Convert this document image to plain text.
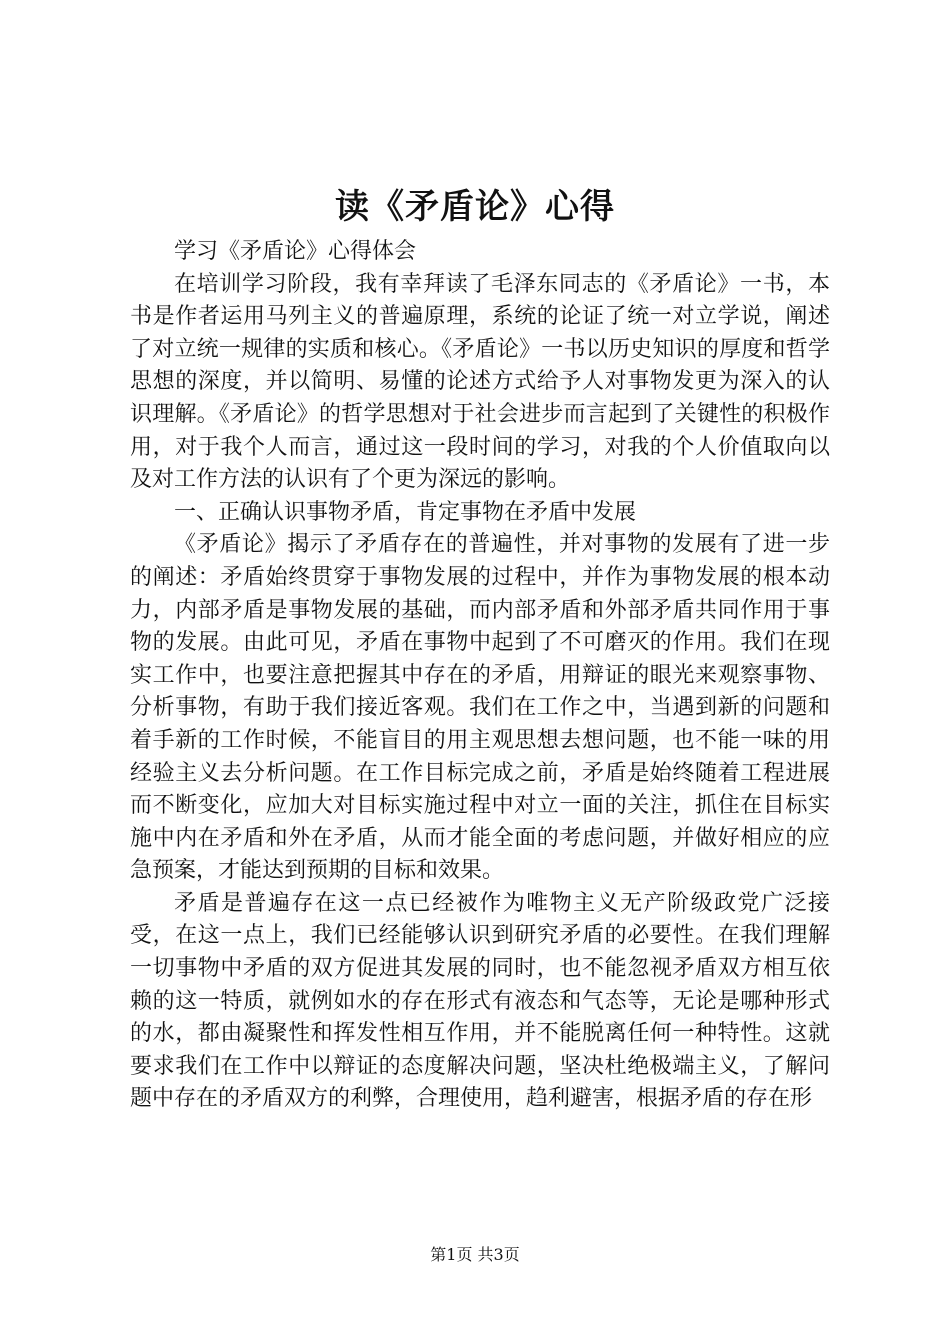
读《矛盾论》心得

学习《矛盾论》心得体会

在培训学习阶段，我有幸拜读了毛泽东同志的《矛盾论》一书，本书是作者运用马列主义的普遍原理，系统的论证了统一对立学说，阐述了对立统一规律的实质和核心。《矛盾论》一书以历史知识的厚度和哲学思想的深度，并以简明、易懂的论述方式给予人对事物发更为深入的认识理解。《矛盾论》的哲学思想对于社会进步而言起到了关键性的积极作用，对于我个人而言，通过这一段时间的学习，对我的个人价值取向以及对工作方法的认识有了个更为深远的影响。

一、正确认识事物矛盾，肯定事物在矛盾中发展

《矛盾论》揭示了矛盾存在的普遍性，并对事物的发展有了进一步的阐述：矛盾始终贯穿于事物发展的过程中，并作为事物发展的根本动力，内部矛盾是事物发展的基础，而内部矛盾和外部矛盾共同作用于事物的发展。由此可见，矛盾在事物中起到了不可磨灭的作用。我们在现实工作中，也要注意把握其中存在的矛盾，用辩证的眼光来观察事物、分析事物，有助于我们接近客观。我们在工作之中，当遇到新的问题和着手新的工作时候，不能盲目的用主观思想去想问题，也不能一味的用经验主义去分析问题。在工作目标完成之前，矛盾是始终随着工程进展而不断变化，应加大对目标实施过程中对立一面的关注，抓住在目标实施中内在矛盾和外在矛盾，从而才能全面的考虑问题，并做好相应的应急预案，才能达到预期的目标和效果。

矛盾是普遍存在这一点已经被作为唯物主义无产阶级政党广泛接受，在这一点上，我们已经能够认识到研究矛盾的必要性。在我们理解一切事物中矛盾的双方促进其发展的同时，也不能忽视矛盾双方相互依赖的这一特质，就例如水的存在形式有液态和气态等，无论是哪种形式的水，都由凝聚性和挥发性相互作用，并不能脱离任何一种特性。这就要求我们在工作中以辩证的态度解决问题，坚决杜绝极端主义，了解问题中存在的矛盾双方的利弊，合理使用，趋利避害，根据矛盾的存在形

第1页 共3页
